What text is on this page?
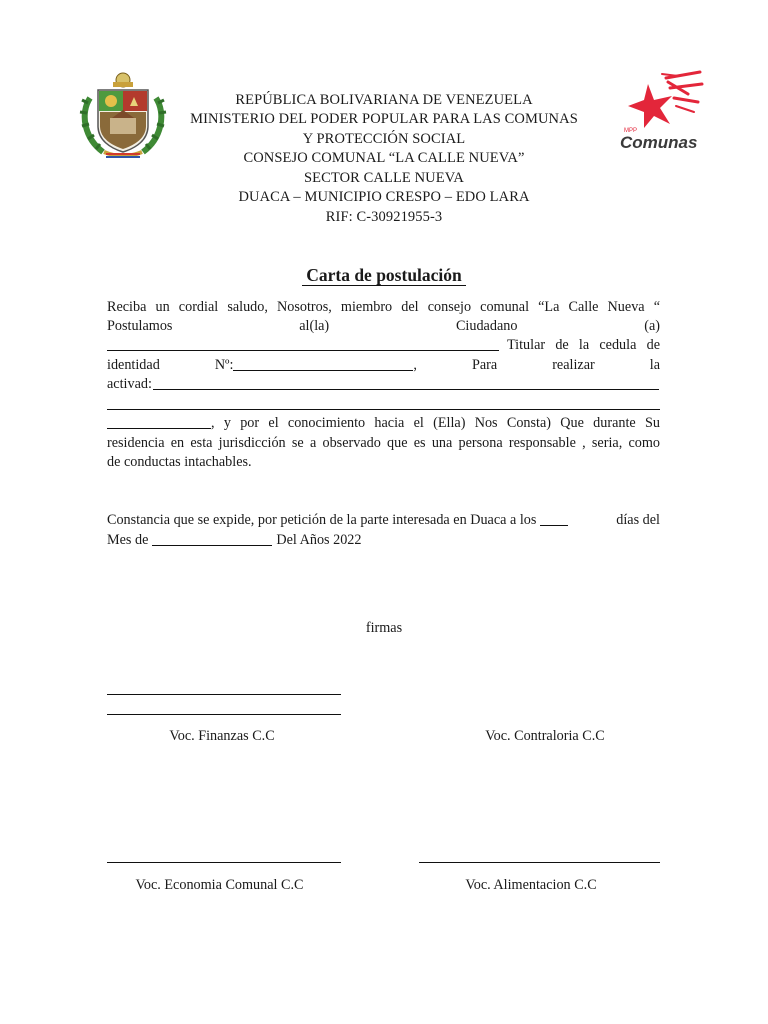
MPP
Comunas
REPÚBLICA BOLIVARIANA DE VENEZUELA
MINISTERIO DEL PODER POPULAR PARA LAS COMUNAS
Y PROTECCIÓN SOCIAL
CONSEJO COMUNAL “LA CALLE NUEVA”
SECTOR CALLE NUEVA
DUACA – MUNICIPIO CRESPO – EDO LARA
RIF: C-30921955-3
Carta de postulación
Reciba un cordial saludo, Nosotros, miembro del consejo comunal “La Calle Nueva “
Postulamos	al(la)	Ciudadano	(a)
Titular de la cedula de
identidad	Nº:	,	Para	realizar	la
activad:
, y por el conocimiento hacia el (Ella) Nos Consta) Que durante Su
residencia en esta jurisdicción se a observado que es una persona responsable , seria, como
de conductas intachables.
Constancia que se expide, por petición de la parte interesada en Duaca a los	días del
Mes de	Del Años 2022
firmas
Voc. Finanzas C.C	Voc. Contraloria C.C
Voc. Economia Comunal C.C	Voc. Alimentacion C.C
